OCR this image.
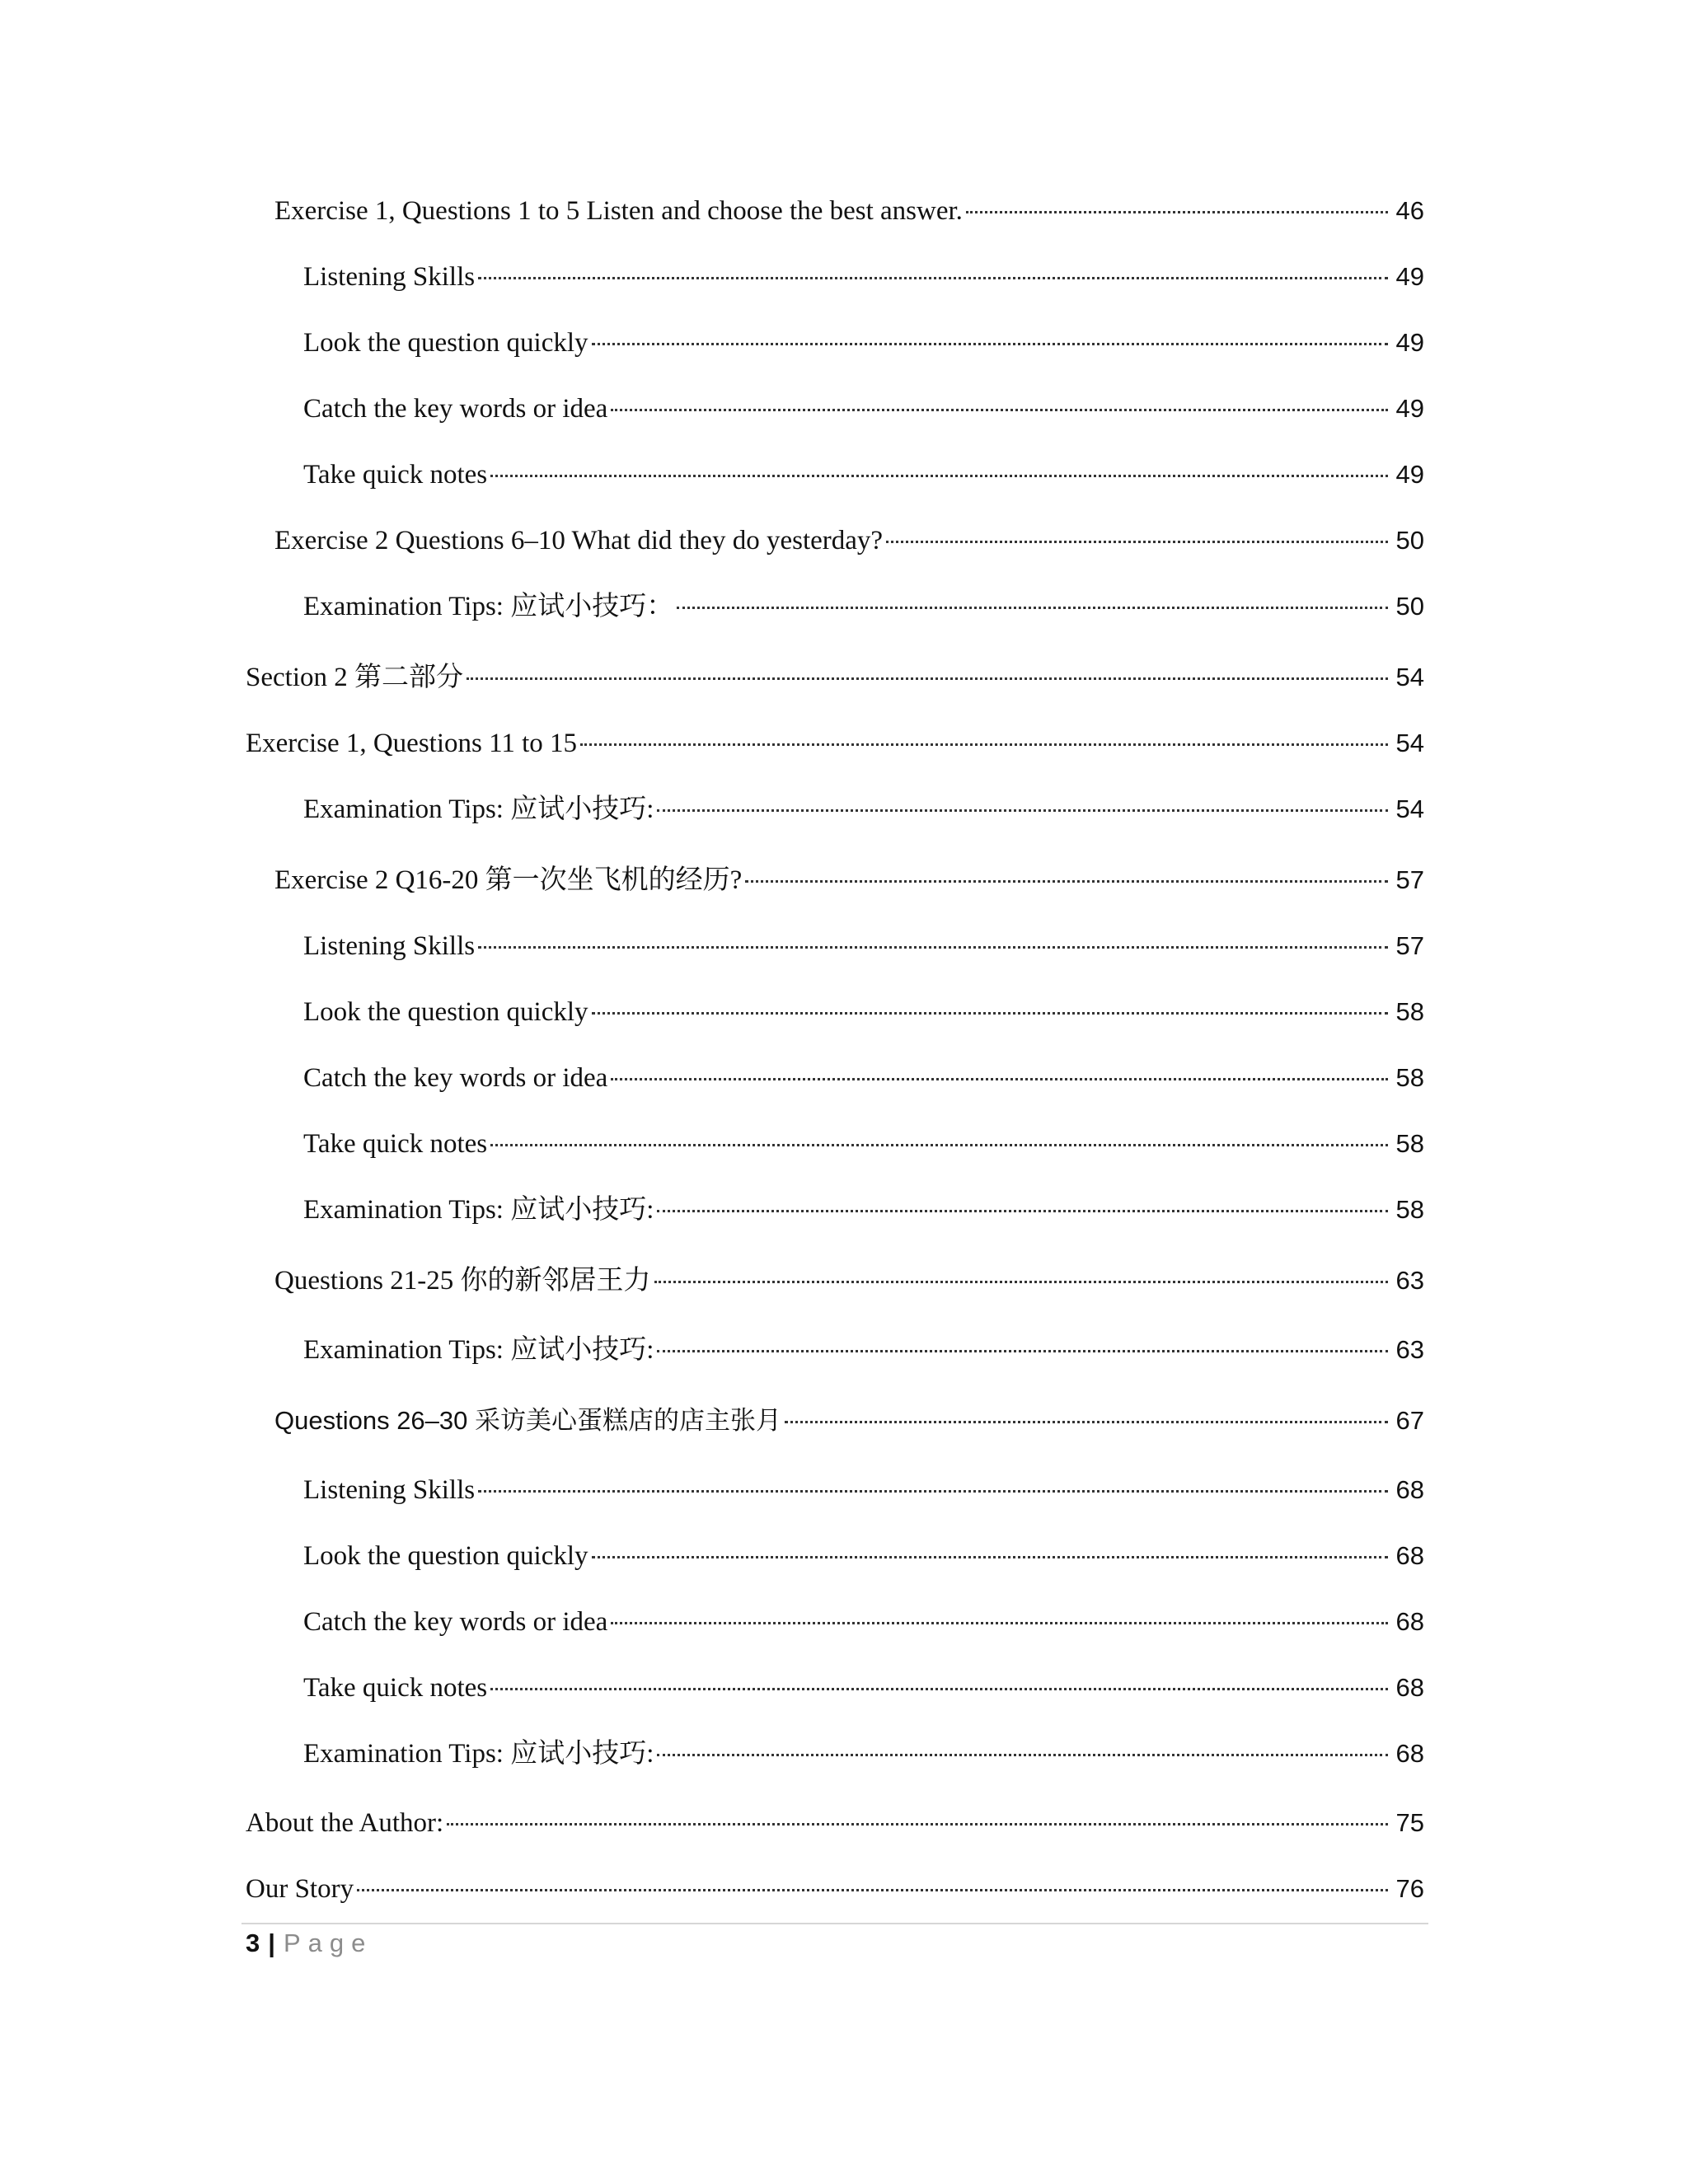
Exercise 1, Questions 1 to 5 Listen and choose the best answer.	46
Listening Skills	49
Look the question quickly	49
Catch the key words or idea	49
Take quick notes	49
Exercise 2 Questions 6–10 What did they do yesterday?	50
Examination Tips: 应试小技巧：	50
Section 2 第二部分	54
Exercise 1, Questions 11 to 15	54
Examination Tips: 应试小技巧:	54
Exercise 2 Q16-20 第一次坐飞机的经历?	57
Listening Skills	57
Look the question quickly	58
Catch the key words or idea	58
Take quick notes	58
Examination Tips: 应试小技巧:	58
Questions 21-25 你的新邻居王力	63
Examination Tips: 应试小技巧:	63
Questions 26–30 采访美心蛋糕店的店主张月	67
Listening Skills	68
Look the question quickly	68
Catch the key words or idea	68
Take quick notes	68
Examination Tips: 应试小技巧:	68
About the Author:	75
Our Story	76
3 | Page
